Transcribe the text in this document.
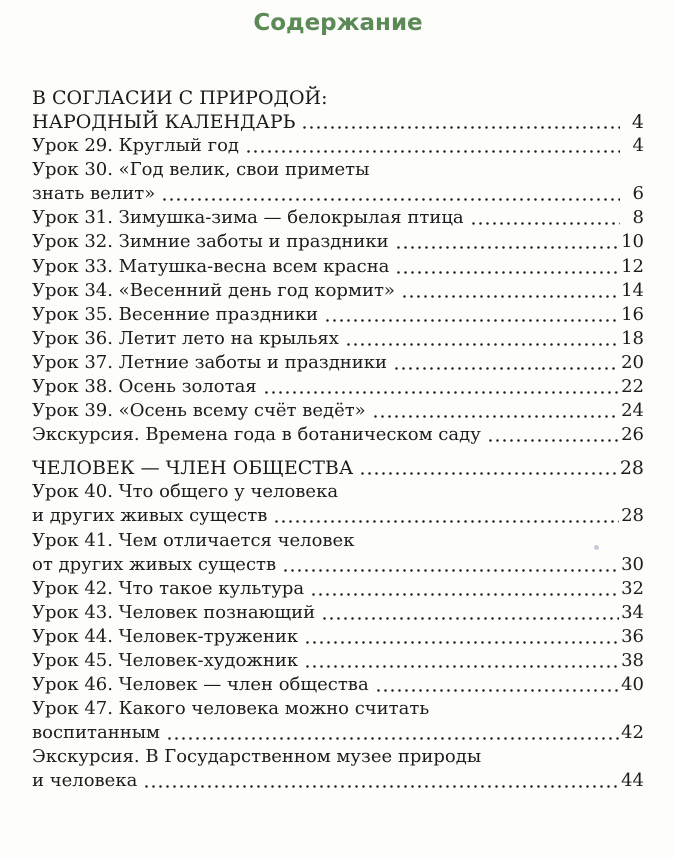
Содержание
В СОГЛАСИИ С ПРИРОДОЙ:
НАРОДНЫЙ КАЛЕНДАРЬ	4
Урок 29. Круглый год	4
Урок 30. «Год велик, свои приметы
знать велит»	6
Урок 31. Зимушка-зима — белокрылая птица	8
Урок 32. Зимние заботы и праздники	10
Урок 33. Матушка-весна всем красна	12
Урок 34. «Весенний день год кормит»	14
Урок 35. Весенние праздники	16
Урок 36. Летит лето на крыльях	18
Урок 37. Летние заботы и праздники	20
Урок 38. Осень золотая	22
Урок 39. «Осень всему счёт ведёт»	24
Экскурсия. Времена года в ботаническом саду	26
ЧЕЛОВЕК — ЧЛЕН ОБЩЕСТВА	28
Урок 40. Что общего у человека
и других живых существ	28
Урок 41. Чем отличается человек
от других живых существ	30
Урок 42. Что такое культура	32
Урок 43. Человек познающий	34
Урок 44. Человек-труженик	36
Урок 45. Человек-художник	38
Урок 46. Человек — член общества	40
Урок 47. Какого человека можно считать
воспитанным	42
Экскурсия. В Государственном музее природы
и человека	44
